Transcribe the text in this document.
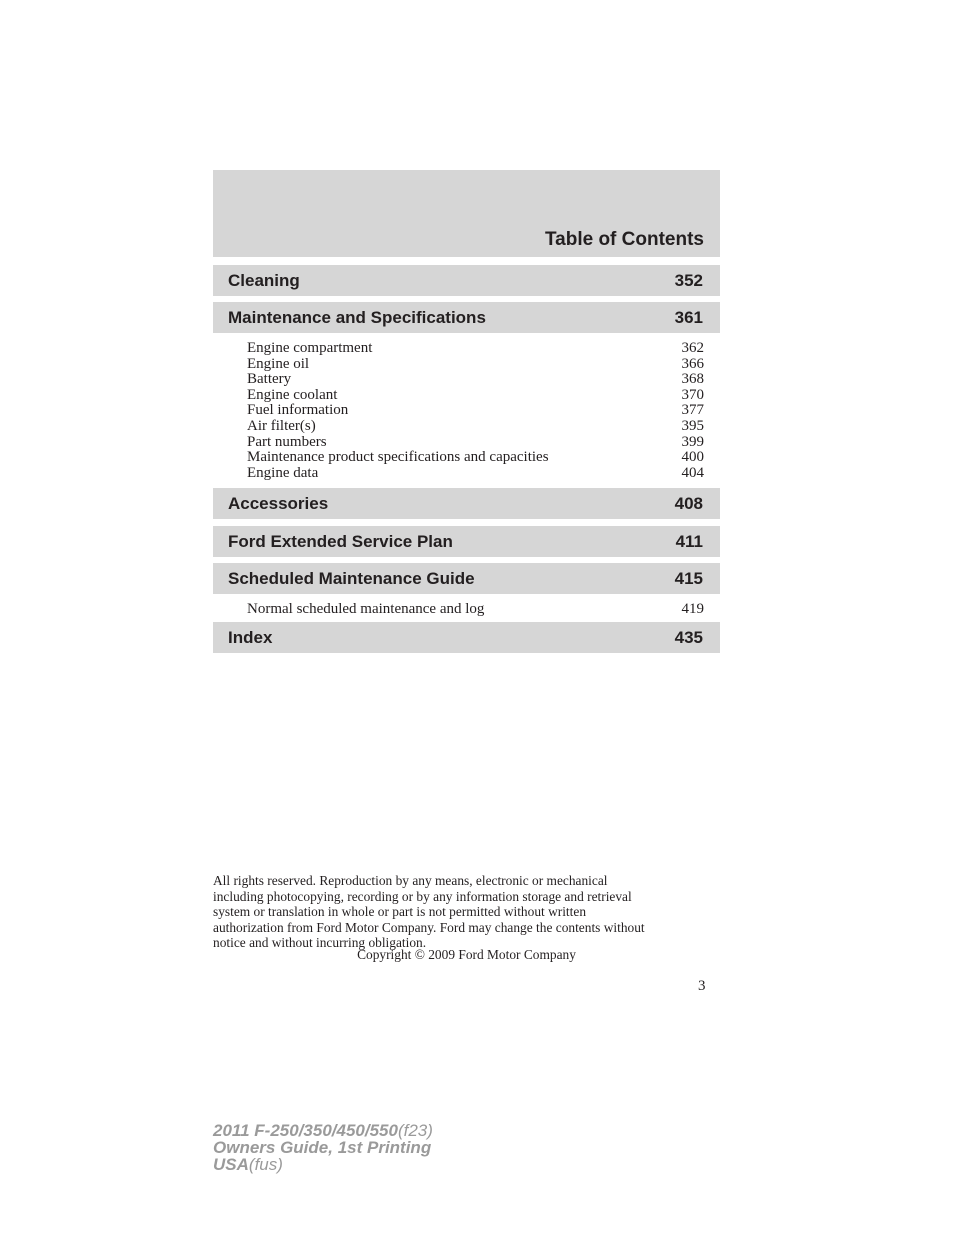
Table of Contents
Cleaning	352
Maintenance and Specifications	361
Engine compartment	362
Engine oil	366
Battery	368
Engine coolant	370
Fuel information	377
Air filter(s)	395
Part numbers	399
Maintenance product specifications and capacities	400
Engine data	404
Accessories	408
Ford Extended Service Plan	411
Scheduled Maintenance Guide	415
Normal scheduled maintenance and log	419
Index	435
All rights reserved. Reproduction by any means, electronic or mechanical
including photocopying, recording or by any information storage and retrieval
system or translation in whole or part is not permitted without written
authorization from Ford Motor Company. Ford may change the contents without
notice and without incurring obligation.
Copyright © 2009 Ford Motor Company
3
2011 F-250/350/450/550(f23)
Owners Guide, 1st Printing
USA(fus)
